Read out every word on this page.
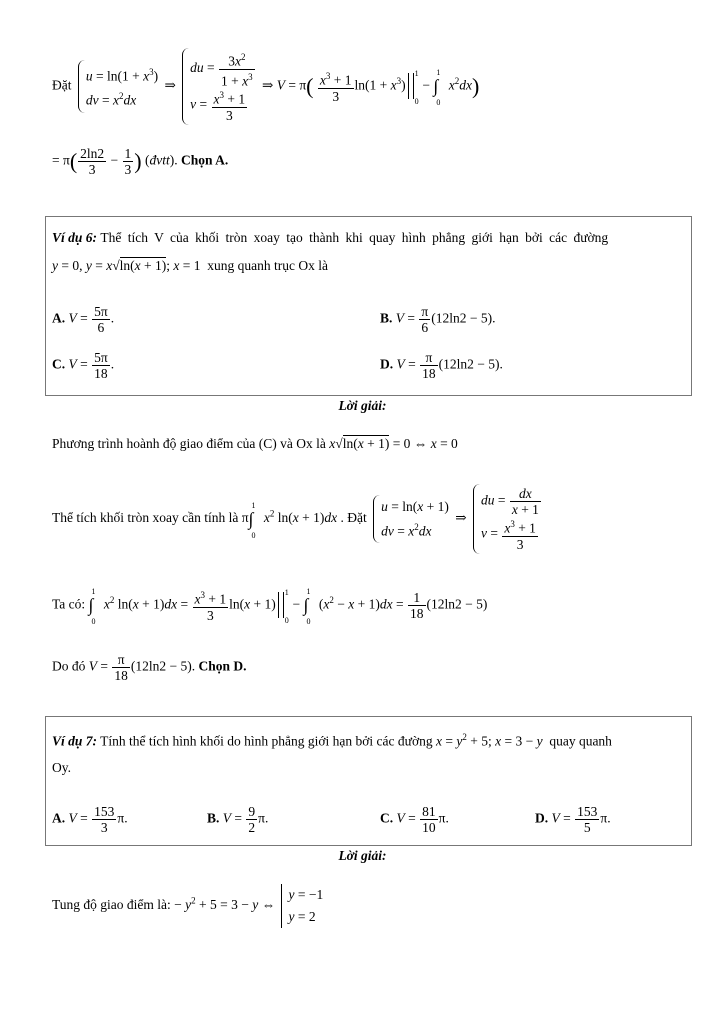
Đặt
$u = \ln(1 + x^3)$
dv = $x^2dx$
⇒
du = $\frac{3x^2}{1 + x^3}$
$v = \frac{x^3 + 1}{3}$
⇒ $V = \pi( \frac{x^3 + 1}{3} \ln(1 + x^3)$
1
0
−
1
∫
0
$x^2dx$)
= $\pi( \frac{2\ln 2}{3} - \frac{1}{3}$ ) (đvtt). Chọn A.
Ví dụ 6: Thể tích V của khối tròn xoay tạo thành khi quay hình phẳng giới hạn bởi các đường
y = 0, y = x√ln(x + 1); x = 1  xung quanh trục Ox là
A. $V = \frac{5\pi}{6}$ .	B. $V = \frac{\pi}{6} (12\ln 2 - 5)$.
C. $V = \frac{5\pi}{18}$ .	D. $V = \frac{\pi}{18} (12\ln 2 - 5)$.
Lời giải:
Phương trình hoành độ giao điểm của (C) và Ox là x√ln(x + 1) = 0 ⇔ x = 0
Thể tích khối tròn xoay cần tính là π
1
∫
0
$x^2$ ln(x + 1)dx . Đặt
u = ln(x + 1)
dv = $x^2dx$
⇒
du = $\frac{dx}{x + 1}$
$v = \frac{x^3 + 1}{3}$
Ta có:
1
∫
0
$x^2$ $\ln(x + 1)dx = \frac{x^3 + 1}{3} \ln(x + 1)$
1
0
−
1
∫
0
$(x^2 - x + 1)dx = \frac{1}{18} (12\ln 2 - 5)$
Do đó $V = \frac{\pi}{18} (12\ln 2 - 5)$. Chọn D.
Ví dụ 7: Tính thể tích hình khối do hình phẳng giới hạn bởi các đường $x = y^2 + 5$; x = 3 − y quay quanh
Oy.
A. $V = \frac{153}{3} \pi$.	B. $V = \frac{9}{2} \pi$.	C. $V = \frac{81}{10} \pi$.	D. $V = \frac{153}{5} \pi$.
Lời giải:
Tung độ giao điểm là: − $y^2 + 5 = 3 - y$ ⇔
y = −1
y = 2
